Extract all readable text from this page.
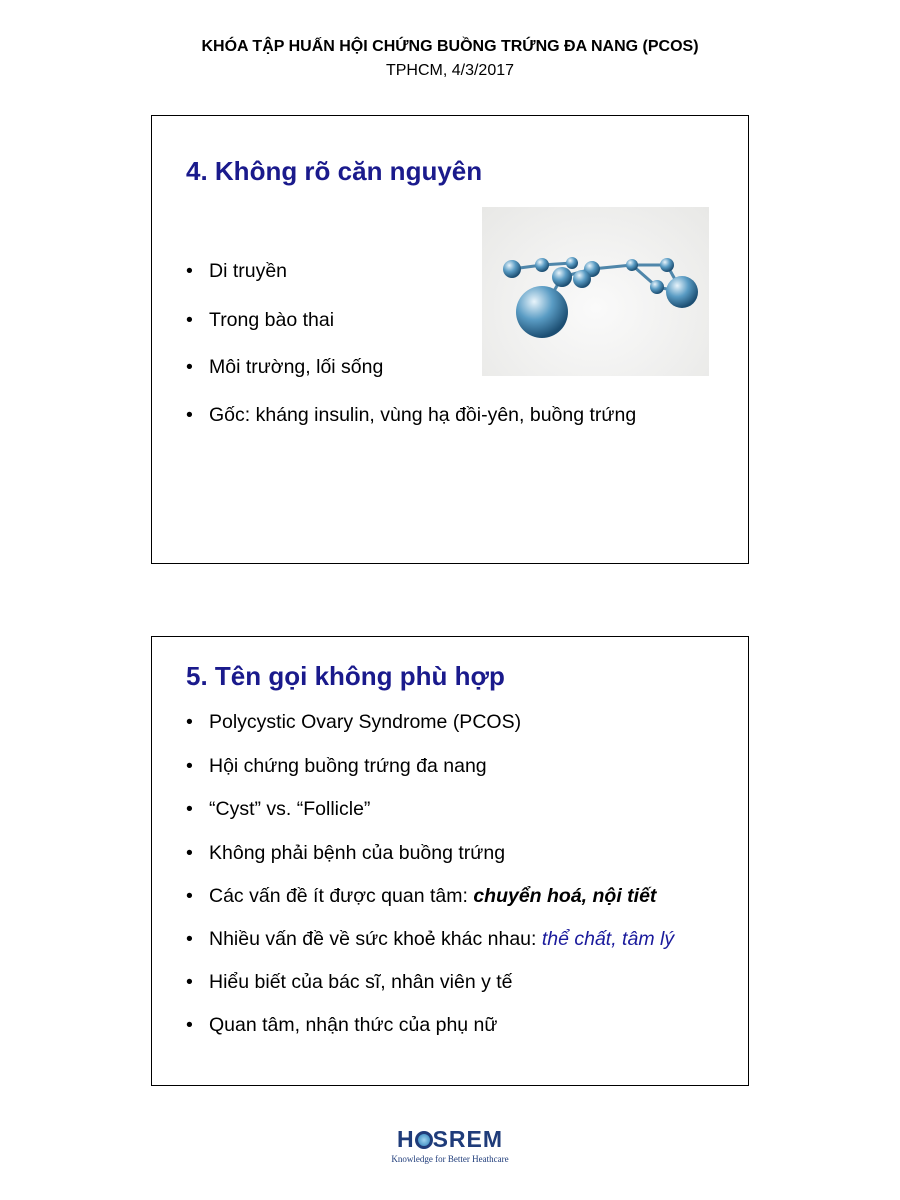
KHÓA TẬP HUẤN HỘI CHỨNG BUỒNG TRỨNG ĐA NANG (PCOS)
TPHCM, 4/3/2017
4. Không rõ căn nguyên
• Di truyền
• Trong bào thai
• Môi trường, lối sống
• Gốc: kháng insulin, vùng hạ đồi-yên, buồng trứng
5. Tên gọi không phù hợp
• Polycystic Ovary Syndrome (PCOS)
• Hội chứng buồng trứng đa nang
• “Cyst” vs. “Follicle”
• Không phải bệnh của buồng trứng
• Các vấn đề ít được quan tâm: chuyển hoá, nội tiết
• Nhiều vấn đề về sức khoẻ khác nhau: thể chất, tâm lý
• Hiểu biết của bác sĩ, nhân viên y tế
• Quan tâm, nhận thức của phụ nữ
H SREM
Knowledge for Better Heathcare
